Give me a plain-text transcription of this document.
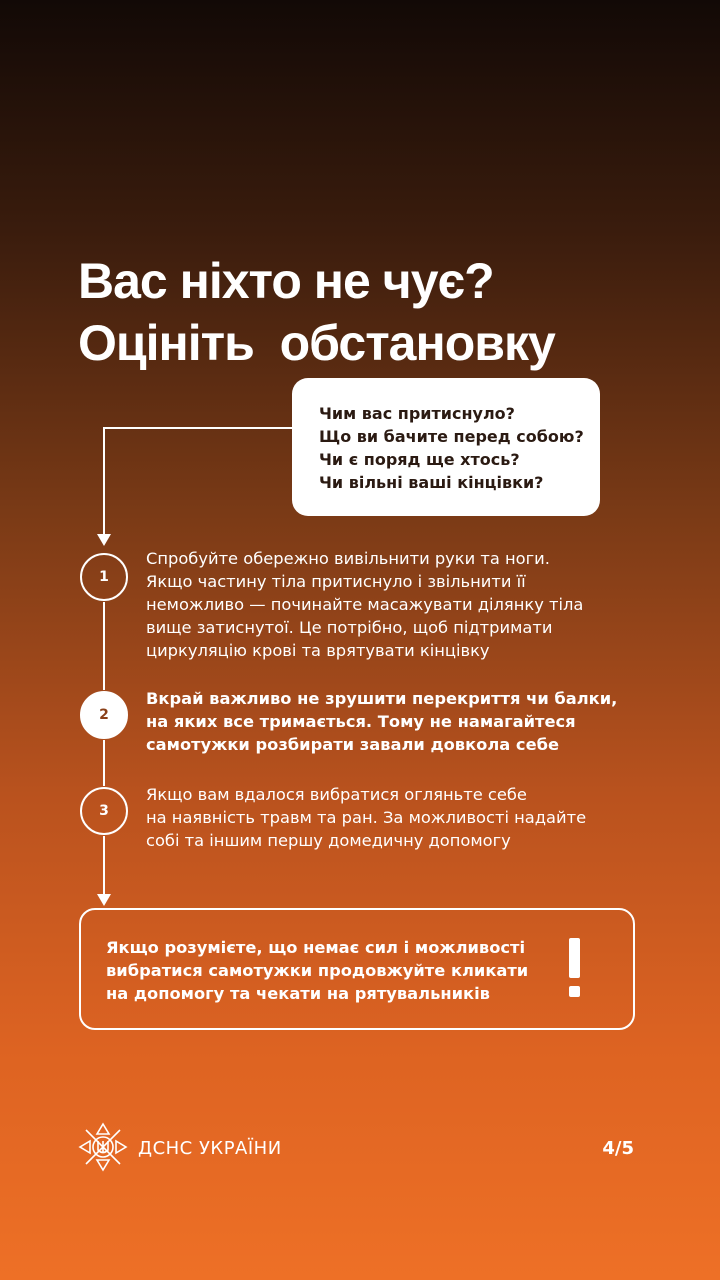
Вас ніхто не чує?
Оцініть  обстановку
Чим вас притиснуло?
Що ви бачите перед собою?
Чи є поряд ще хтось?
Чи вільні ваші кінцівки?
1
Спробуйте обережно вивільнити руки та ноги.
Якщо частину тіла притиснуло і звільнити її
неможливо — починайте масажувати ділянку тіла
вище затиснутої. Це потрібно, щоб підтримати
циркуляцію крові та врятувати кінцівку
2
Вкрай важливо не зрушити перекриття чи балки,
на яких все тримається. Тому не намагайтеся
самотужки розбирати завали довкола себе
3
Якщо вам вдалося вибратися огляньте себе
на наявність травм та ран. За можливості надайте
собі та іншим першу домедичну допомогу
Якщо розумієте, що немає сил і можливості
вибратися самотужки продовжуйте кликати
на допомогу та чекати на рятувальників
ДСНС УКРАЇНИ	4/5
